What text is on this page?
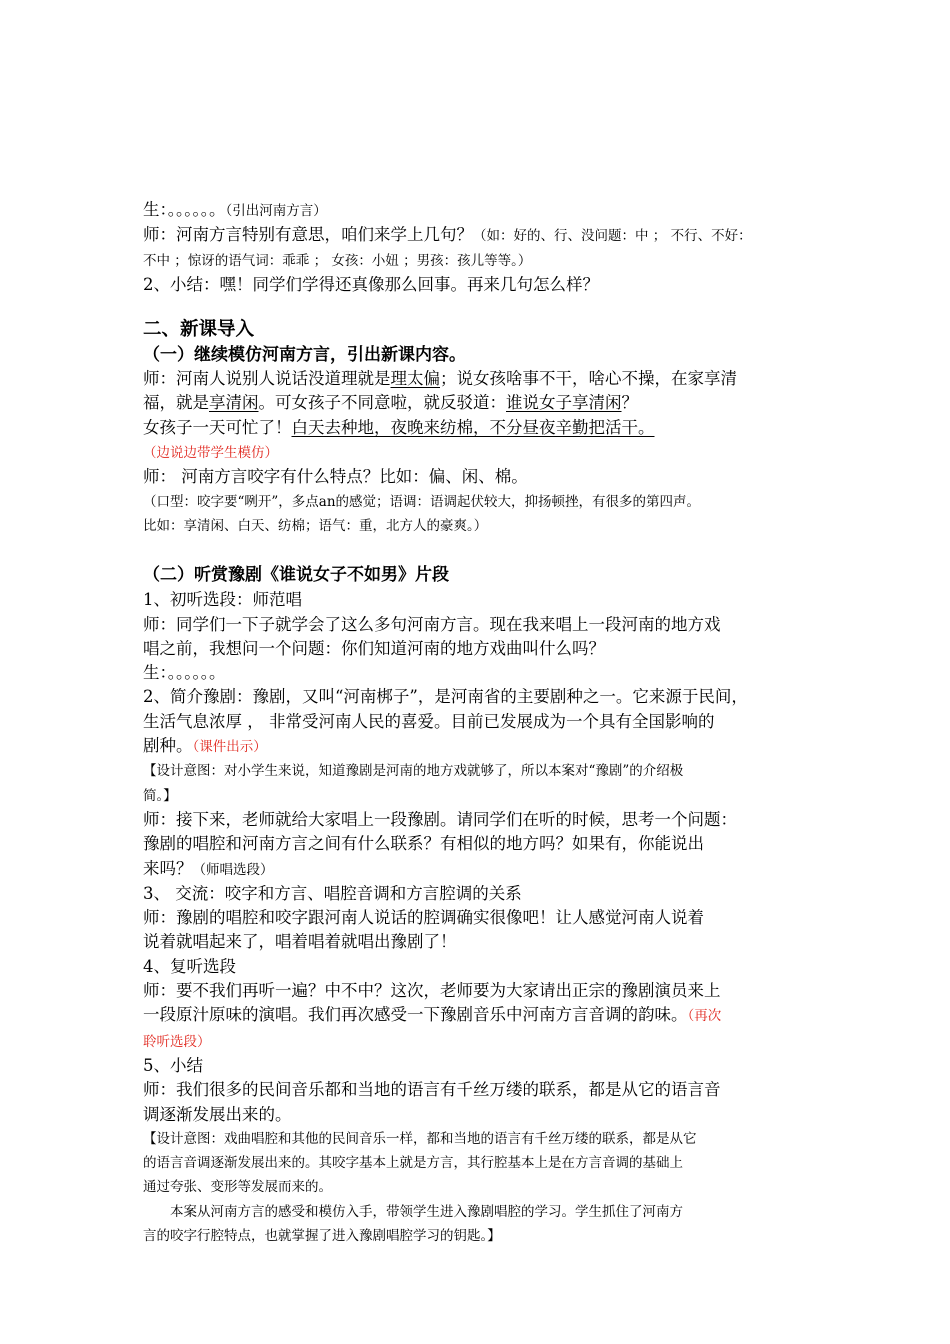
生：。。。。。。（引出河南方言）
师：河南方言特别有意思，咱们来学上几句？（如：好的、行、没问题：中 ； 不行、不好：
不中 ；惊讶的语气词：乖乖 ； 女孩：小妞 ；男孩：孩儿等等。）
2、小结：嘿！同学们学得还真像那么回事。再来几句怎么样？
二、新课导入
（一）继续模仿河南方言，引出新课内容。
师：河南人说别人说话没道理就是理太偏；说女孩啥事不干，啥心不操，在家享清
福，就是享清闲。可女孩子不同意啦，就反驳道：谁说女子享清闲？
女孩子一天可忙了！白天去种地，夜晚来纺棉，不分昼夜辛勤把活干。
（边说边带学生模仿）
师： 河南方言咬字有什么特点？比如：偏、闲、棉。
（口型：咬字要“咧开”，多点an的感觉；语调：语调起伏较大，抑扬顿挫，有很多的第四声。
比如：享清闲、白天、纺棉；语气：重，北方人的豪爽。）
（二）听赏豫剧《谁说女子不如男》片段
1、初听选段：师范唱
师：同学们一下子就学会了这么多句河南方言。现在我来唱上一段河南的地方戏
唱之前，我想问一个问题：你们知道河南的地方戏曲叫什么吗？
生：。。。。。。
2、简介豫剧：豫剧，又叫“河南梆子”，是河南省的主要剧种之一。它来源于民间，
生活气息浓厚 ， 非常受河南人民的喜爱。目前已发展成为一个具有全国影响的
剧种。（课件出示）
【设计意图：对小学生来说，知道豫剧是河南的地方戏就够了，所以本案对“豫剧”的介绍极
简。】
师：接下来，老师就给大家唱上一段豫剧。请同学们在听的时候，思考一个问题：
豫剧的唱腔和河南方言之间有什么联系？有相似的地方吗？如果有，你能说出
来吗？（师唱选段）
3、 交流：咬字和方言、唱腔音调和方言腔调的关系
师：豫剧的唱腔和咬字跟河南人说话的腔调确实很像吧！让人感觉河南人说着
说着就唱起来了，唱着唱着就唱出豫剧了！
4、复听选段
师：要不我们再听一遍？中不中？这次，老师要为大家请出正宗的豫剧演员来上
一段原汁原味的演唱。我们再次感受一下豫剧音乐中河南方言音调的韵味。（再次
聆听选段）
5、小结
师：我们很多的民间音乐都和当地的语言有千丝万缕的联系，都是从它的语言音
调逐渐发展出来的。
【设计意图：戏曲唱腔和其他的民间音乐一样，都和当地的语言有千丝万缕的联系，都是从它
的语言音调逐渐发展出来的。其咬字基本上就是方言，其行腔基本上是在方言音调的基础上
通过夸张、变形等发展而来的。
本案从河南方言的感受和模仿入手，带领学生进入豫剧唱腔的学习。学生抓住了河南方
言的咬字行腔特点，也就掌握了进入豫剧唱腔学习的钥匙。】
